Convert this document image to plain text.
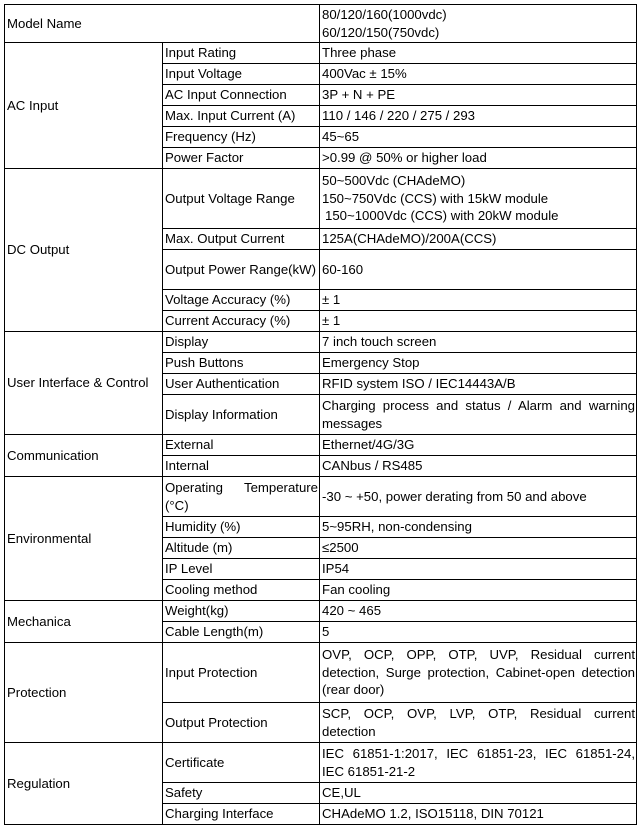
Model Name		80/120/160(1000vdc)
60/120/150(750vdc)

AC Input	Input Rating	Three phase
	Input Voltage	400Vac ± 15%
	AC Input Connection	3P + N + PE
	Max. Input Current (A)	110 / 146 / 220 / 275 / 293
	Frequency (Hz)	45~65
	Power Factor	>0.99 @ 50% or higher load
DC Output	Output Voltage Range	50~500Vdc (CHAdeMO)
150~750Vdc (CCS) with 15kW module
150~1000Vdc (CCS) with 20kW module

	Max. Output Current	125A(CHAdeMO)/200A(CCS)
	Output Power Range(kW)	60-160
	Voltage Accuracy (%)	± 1
	Current Accuracy (%)	± 1
User Interface & Control	Display	7 inch touch screen
	Push Buttons	Emergency Stop
	User Authentication	RFID system ISO / IEC14443A/B
	Display Information	Charging process and status / Alarm and warning messages
Communication	External	Ethernet/4G/3G
	Internal	CANbus / RS485
Environmental	Operating Temperature (°C)	-30 ~ +50, power derating from 50 and above
	Humidity (%)	5~95RH, non-condensing
	Altitude (m)	≤2500
	IP Level	IP54
	Cooling method	Fan cooling
Mechanica	Weight(kg)	420 ~ 465
	Cable Length(m)	5
Protection	Input Protection	OVP, OCP, OPP, OTP, UVP, Residual current detection, Surge protection, Cabinet-open detection (rear door)
	Output Protection	SCP, OCP, OVP, LVP, OTP, Residual current detection
Regulation	Certificate	IEC 61851-1:2017, IEC 61851-23, IEC 61851-24, IEC 61851-21-2
	Safety	CE,UL
	Charging Interface	CHAdeMO 1.2, ISO15118, DIN 70121
